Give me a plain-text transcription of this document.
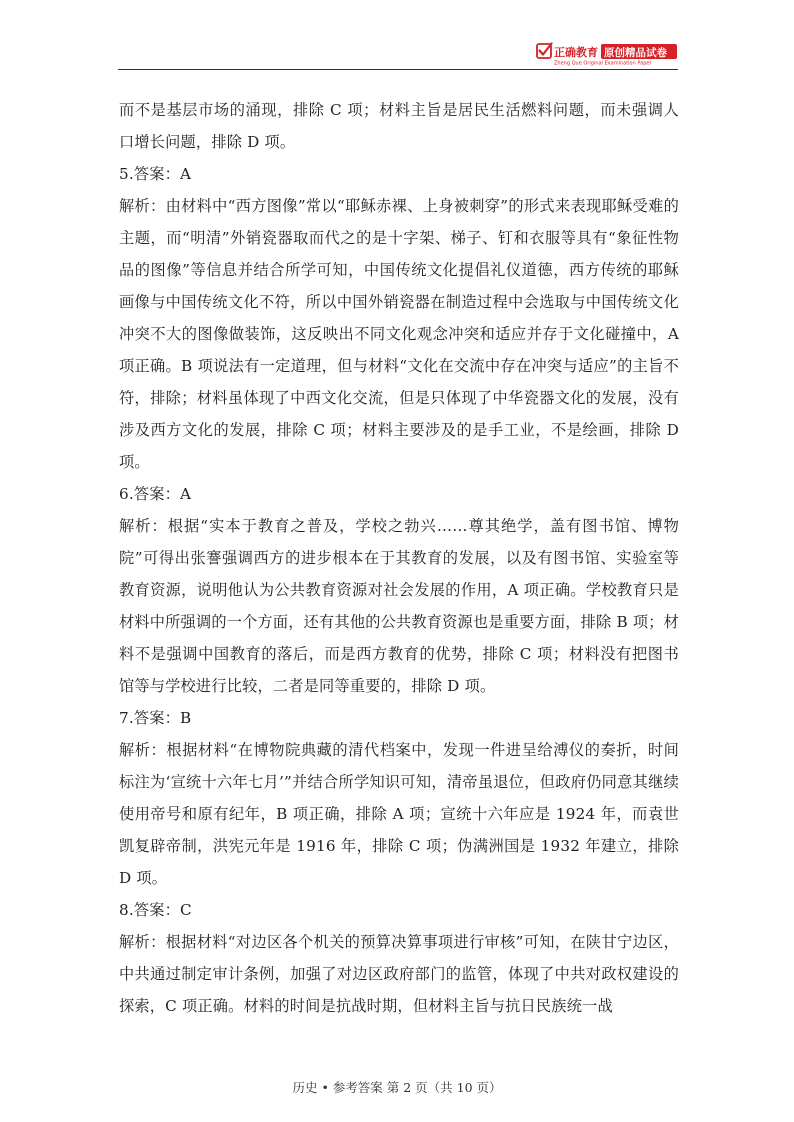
正确教育 原创精品试卷
Zheng Que Original Examination Paper

而不是基层市场的涌现，排除 C 项；材料主旨是居民生活燃料问题，而未强调人口增长问题，排除 D 项。

5.答案：A

解析：由材料中“西方图像”常以“耶稣赤裸、上身被刺穿”的形式来表现耶稣受难的主题，而“明清”外销瓷器取而代之的是十字架、梯子、钉和衣服等具有“象征性物品的图像”等信息并结合所学可知，中国传统文化提倡礼仪道德，西方传统的耶稣画像与中国传统文化不符，所以中国外销瓷器在制造过程中会选取与中国传统文化冲突不大的图像做装饰，这反映出不同文化观念冲突和适应并存于文化碰撞中，A 项正确。B 项说法有一定道理，但与材料“文化在交流中存在冲突与适应”的主旨不符，排除；材料虽体现了中西文化交流，但是只体现了中华瓷器文化的发展，没有涉及西方文化的发展，排除 C 项；材料主要涉及的是手工业，不是绘画，排除 D 项。

6.答案：A

解析：根据“实本于教育之普及，学校之勃兴……尊其绝学，盖有图书馆、博物院”可得出张謇强调西方的进步根本在于其教育的发展，以及有图书馆、实验室等教育资源，说明他认为公共教育资源对社会发展的作用，A 项正确。学校教育只是材料中所强调的一个方面，还有其他的公共教育资源也是重要方面，排除 B 项；材料不是强调中国教育的落后，而是西方教育的优势，排除 C 项；材料没有把图书馆等与学校进行比较，二者是同等重要的，排除 D 项。

7.答案：B

解析：根据材料“在博物院典藏的清代档案中，发现一件进呈给溥仪的奏折，时间标注为‘宣统十六年七月’”并结合所学知识可知，清帝虽退位，但政府仍同意其继续使用帝号和原有纪年，B 项正确，排除 A 项；宣统十六年应是 1924 年，而袁世凯复辟帝制，洪宪元年是 1916 年，排除 C 项；伪满洲国是 1932 年建立，排除 D 项。

8.答案：C

解析：根据材料“对边区各个机关的预算决算事项进行审核”可知，在陕甘宁边区，中共通过制定审计条例，加强了对边区政府部门的监管，体现了中共对政权建设的探索，C 项正确。材料的时间是抗战时期，但材料主旨与抗日民族统一战

历史 • 参考答案 第 2 页（共 10 页）
